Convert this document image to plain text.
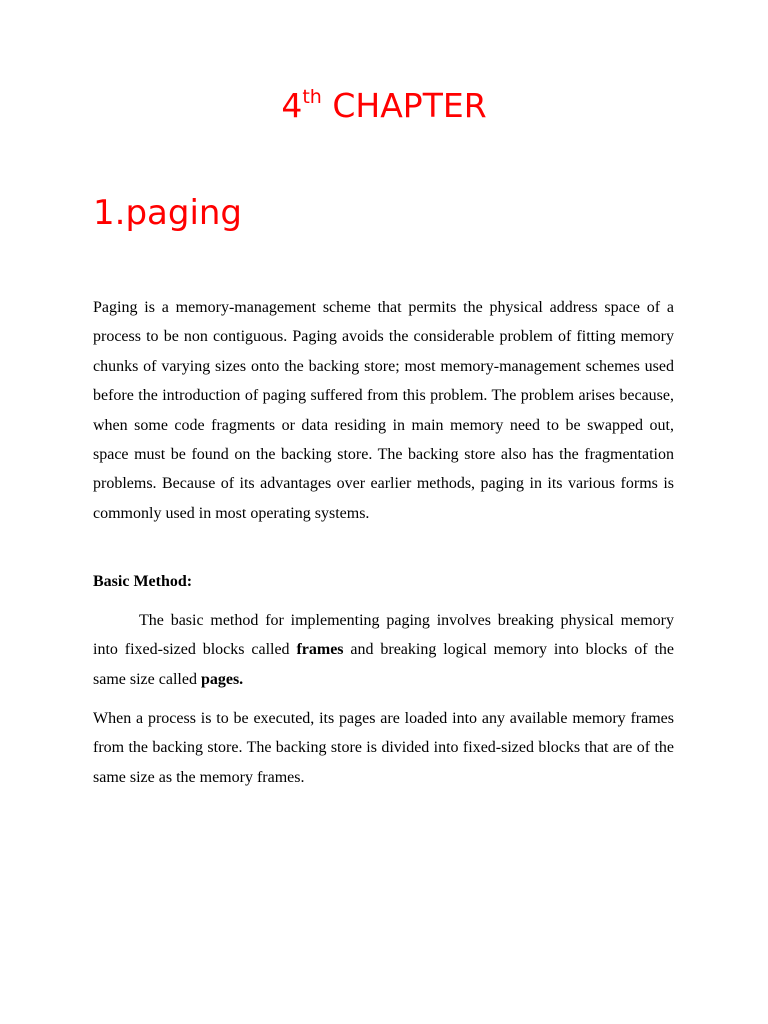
4th CHAPTER
1.paging

Paging is a memory-management scheme that permits the physical address space of a process to be non contiguous. Paging avoids the considerable problem of fitting memory chunks of varying sizes onto the backing store; most memory-management schemes used before the introduction of paging suffered from this problem. The problem arises because, when some code fragments or data residing in main memory need to be swapped out, space must be found on the backing store. The backing store also has the fragmentation problems. Because of its advantages over earlier methods, paging in its various forms is commonly used in most operating systems.

Basic Method:

The basic method for implementing paging involves breaking physical memory into fixed-sized blocks called frames and breaking logical memory into blocks of the same size called pages.

When a process is to be executed, its pages are loaded into any available memory frames from the backing store. The backing store is divided into fixed-sized blocks that are of the same size as the memory frames.
